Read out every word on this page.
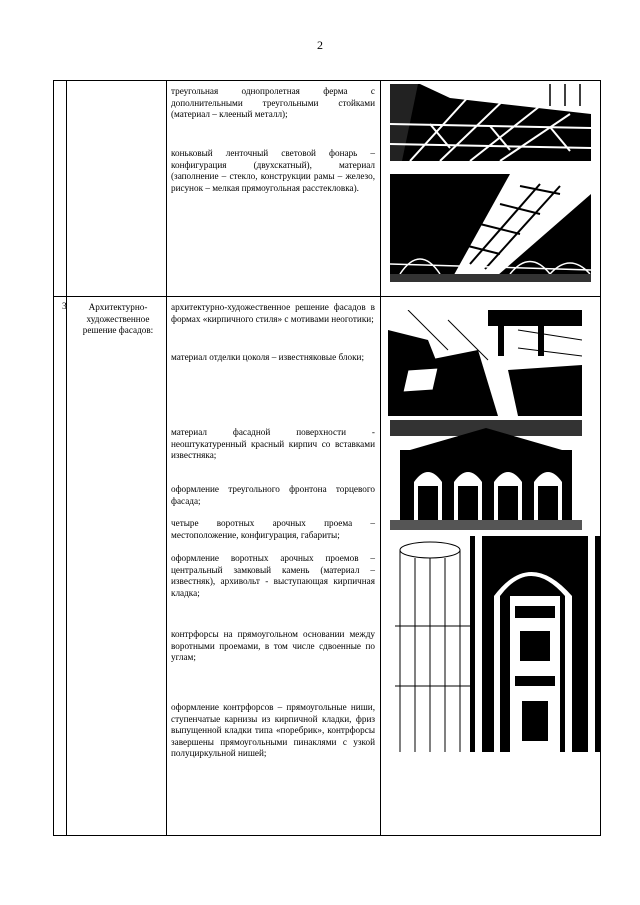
2
треугольная однопролетная ферма с дополнительными треугольными стойками (материал – клееный металл);
коньковый ленточный световой фонарь – конфигурация (двухскатный), материал (заполнение – стекло, конструкции рамы – железо, рисунок – мелкая прямоугольная расстекловка).
3	Архитектурно-художественное решение фасадов:
архитектурно-художественное решение фасадов в формах «кирпичного стиля» с мотивами неоготики;
материал отделки цоколя – известняковые блоки;
материал фасадной поверхности - неоштукатуренный красный кирпич со вставками известняка;
оформление треугольного фронтона торцевого фасада;
четыре воротных арочных проема – местоположение, конфигурация, габариты;
оформление воротных арочных проемов – центральный замковый камень (материал – известняк), архивольт - выступающая кирпичная кладка;
контрфорсы на прямоугольном основании между воротными проемами, в том числе сдвоенные по углам;
оформление контрфорсов – прямоугольные ниши, ступенчатые карнизы из кирпичной кладки, фриз выпущенной кладки типа «поребрик», контрфорсы завершены прямоугольными пинаклями с узкой полуциркульной нишей;
